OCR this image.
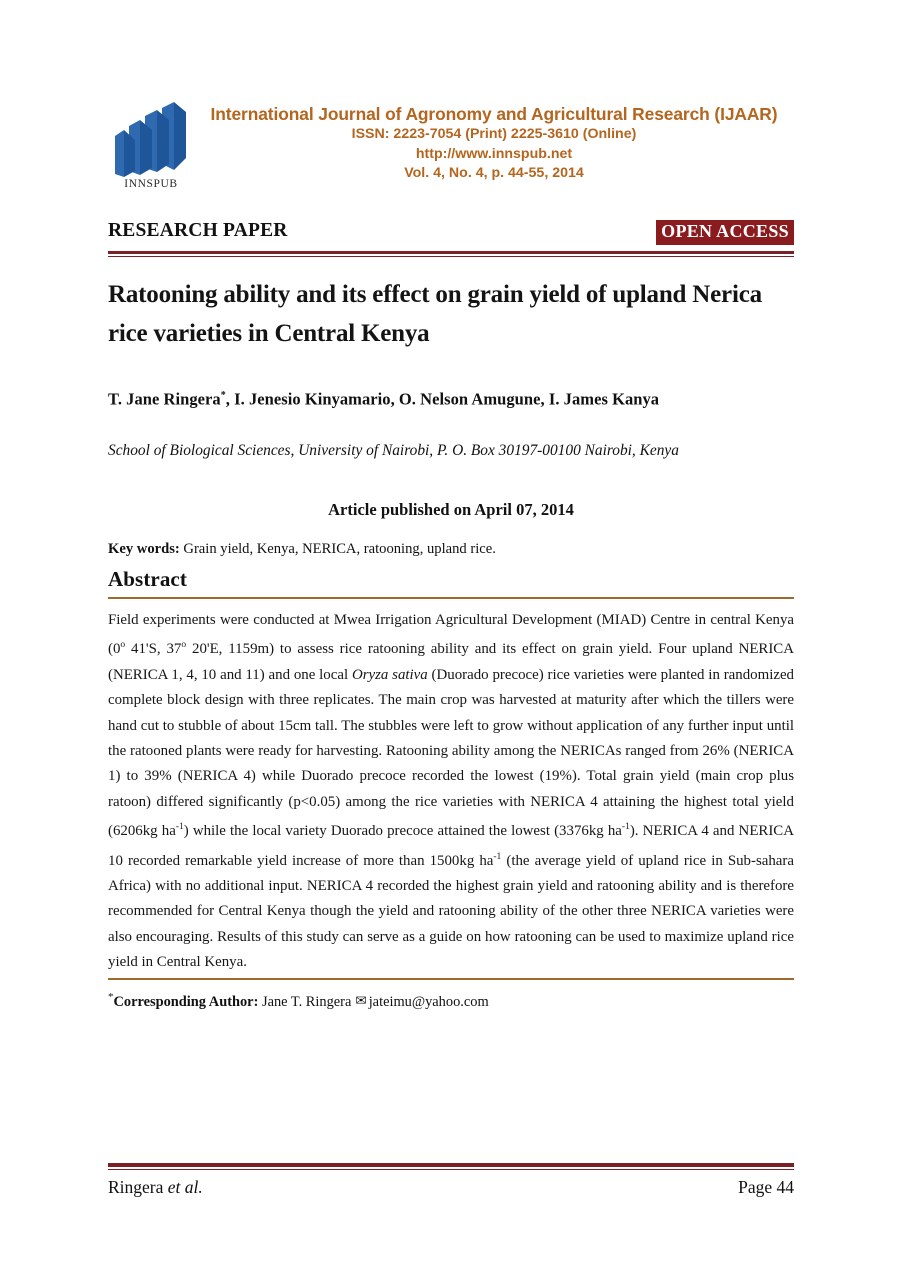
INNSPUB
International Journal of Agronomy and Agricultural Research (IJAAR)
ISSN: 2223-7054 (Print) 2225-3610 (Online)
http://www.innspub.net
Vol. 4, No. 4, p. 44-55, 2014
RESEARCH PAPER	OPEN ACCESS
Ratooning ability and its effect on grain yield of upland Nerica rice varieties in Central Kenya
T. Jane Ringera*, I. Jenesio Kinyamario, O. Nelson Amugune, I. James Kanya
School of Biological Sciences, University of Nairobi, P. O. Box 30197-00100 Nairobi, Kenya
Article published on April 07, 2014
Key words: Grain yield, Kenya, NERICA, ratooning, upland rice.
Abstract
Field experiments were conducted at Mwea Irrigation Agricultural Development (MIAD) Centre in central Kenya (0$^o$ 41'S, 37$^o$ 20'E, 1159m) to assess rice ratooning ability and its effect on grain yield. Four upland NERICA (NERICA 1, 4, 10 and 11) and one local Oryza sativa (Duorado precoce) rice varieties were planted in randomized complete block design with three replicates. The main crop was harvested at maturity after which the tillers were hand cut to stubble of about 15cm tall. The stubbles were left to grow without application of any further input until the ratooned plants were ready for harvesting. Ratooning ability among the NERICAs ranged from 26% (NERICA 1) to 39% (NERICA 4) while Duorado precoce recorded the lowest (19%). Total grain yield (main crop plus ratoon) differed significantly (p<0.05) among the rice varieties with NERICA 4 attaining the highest total yield (6206kg $ha^{-1}$) while the local variety Duorado precoce attained the lowest (3376kg $ha^{-1}$). NERICA 4 and NERICA 10 recorded remarkable yield increase of more than 1500kg $ha^{-1}$ (the average yield of upland rice in Sub-sahara Africa) with no additional input. NERICA 4 recorded the highest grain yield and ratooning ability and is therefore recommended for Central Kenya though the yield and ratooning ability of the other three NERICA varieties were also encouraging. Results of this study can serve as a guide on how ratooning can be used to maximize upland rice yield in Central Kenya.
*Corresponding Author: Jane T. Ringera ✉ jateimu@yahoo.com
Ringera et al.	Page 44
